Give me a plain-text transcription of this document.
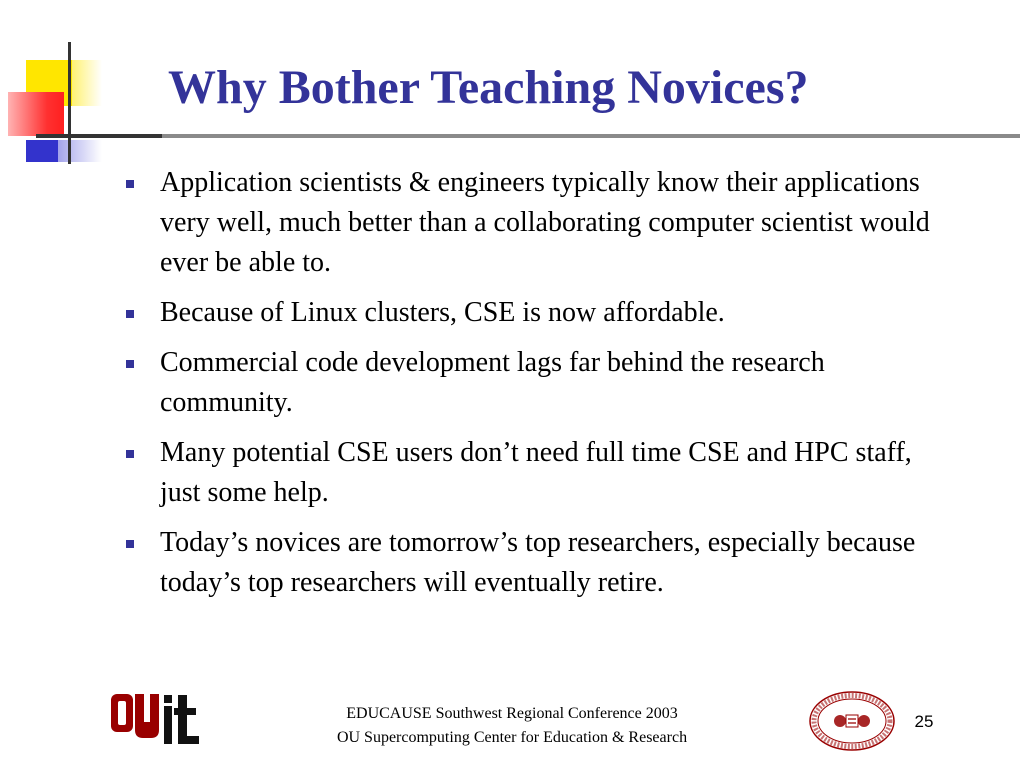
Why Bother Teaching Novices?
Application scientists & engineers typically know their applications very well, much better than a collaborating computer scientist would ever be able to.
Because of Linux clusters, CSE is now affordable.
Commercial code development lags far behind the research community.
Many potential CSE users don’t need full time CSE and HPC staff, just some help.
Today’s novices are tomorrow’s top researchers, especially because today’s top researchers will eventually retire.
EDUCAUSE Southwest Regional Conference 2003
OU Supercomputing Center for Education & Research
25
